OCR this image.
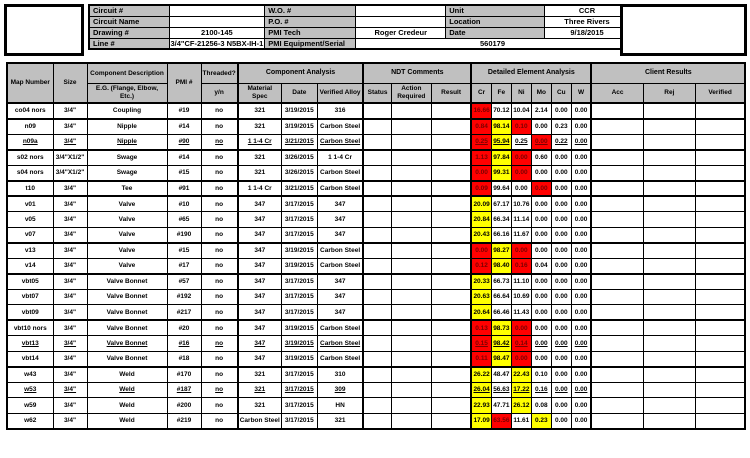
Circuit #		W.O. #		Unit	CCR
Circuit Name		P.O. #		Location	Three Rivers
Drawing #	2100-145	PMI Tech	Roger Credeur	Date	9/18/2015
Line #	3/4"CF-21256-3 N5BX-IH-1	PMI Equipment/Serial	560179		
Map Number	Size	Component Description	PMI #	Threaded?	Component Analysis			NDT Comments			Detailed Element Analysis						Client Results		
		E.G. (Flange, Elbow, Etc.)		y/n	Material Spec	Date	Verified Alloy	Status	Action Required	Result	Cr	Fe	Ni	Mo	Cu	W	Acc	Rej	Verified
co04 nors	3/4"	Coupling	#19	no	321	3/19/2015	316				16.66	70.12	10.04	2.14	0.00	0.00			
n09	3/4"	Nipple	#14	no	321	3/19/2015	Carbon Steel				0.84	98.14	0.10	0.00	0.23	0.00			
n09a	3/4"	Nipple	#90	no	1 1-4 Cr	3/21/2015	Carbon Steel				0.25	95.94	0.25	0.00	0.22	0.00			
s02 nors	3/4"X1/2"	Swage	#14	no	321	3/26/2015	1 1-4 Cr				1.13	97.84	0.00	0.60	0.00	0.00			
s04 nors	3/4"X1/2"	Swage	#15	no	321	3/26/2015	Carbon Steel				0.00	99.31	0.00	0.00	0.00	0.00			
t10	3/4"	Tee	#91	no	1 1-4 Cr	3/21/2015	Carbon Steel				0.09	99.64	0.00	0.00	0.00	0.00			
v01	3/4"	Valve	#10	no	347	3/17/2015	347				20.09	67.17	10.76	0.00	0.00	0.00			
v05	3/4"	Valve	#65	no	347	3/17/2015	347				20.84	66.34	11.14	0.00	0.00	0.00			
v07	3/4"	Valve	#190	no	347	3/17/2015	347				20.43	66.16	11.67	0.00	0.00	0.00			
v13	3/4"	Valve	#15	no	347	3/19/2015	Carbon Steel				0.00	98.27	0.00	0.00	0.00	0.00			
v14	3/4"	Valve	#17	no	347	3/19/2015	Carbon Steel				0.12	98.40	0.16	0.04	0.00	0.00			
vbt05	3/4"	Valve Bonnet	#57	no	347	3/17/2015	347				20.33	66.73	11.10	0.00	0.00	0.00			
vbt07	3/4"	Valve Bonnet	#192	no	347	3/17/2015	347				20.63	66.64	10.69	0.00	0.00	0.00			
vbt09	3/4"	Valve Bonnet	#217	no	347	3/17/2015	347				20.64	66.46	11.43	0.00	0.00	0.00			
vbt10 nors	3/4"	Valve Bonnet	#20	no	347	3/19/2015	Carbon Steel				0.13	98.73	0.00	0.00	0.00	0.00			
vbt13	3/4"	Valve Bonnet	#16	no	347	3/19/2015	Carbon Steel				0.15	98.42	0.14	0.00	0.00	0.00			
vbt14	3/4"	Valve Bonnet	#18	no	347	3/19/2015	Carbon Steel				0.11	98.47	0.00	0.00	0.00	0.00			
w43	3/4"	Weld	#170	no	321	3/17/2015	310				26.22	48.47	22.43	0.10	0.00	0.00			
w53	3/4"	Weld	#187	no	321	3/17/2015	309				26.04	56.63	17.22	0.16	0.00	0.00			
w59	3/4"	Weld	#200	no	321	3/17/2015	HN				22.93	47.71	26.12	0.08	0.00	0.00			
w62	3/4"	Weld	#219	no	Carbon Steel	3/17/2015	321				17.09	63.56	11.61	0.23	0.00	0.00			
